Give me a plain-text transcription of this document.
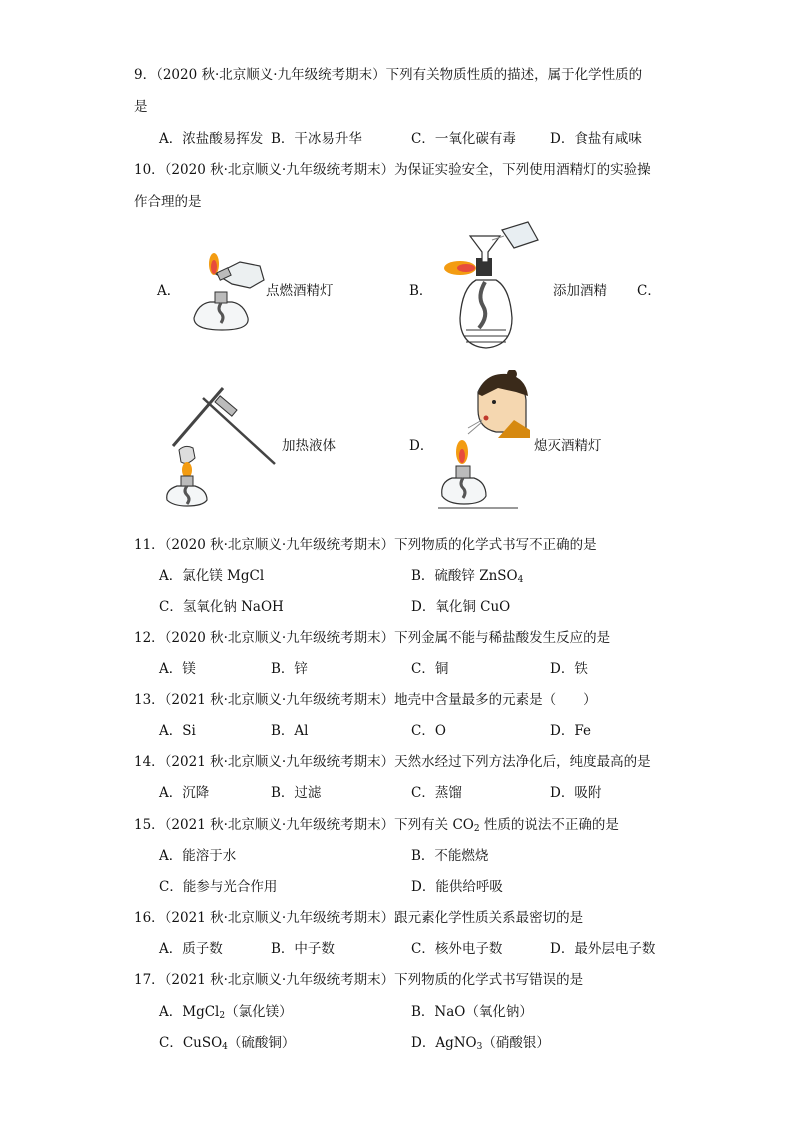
9．（2020 秋·北京顺义·九年级统考期末）下列有关物质性质的描述，属于化学性质的
是
A．浓盐酸易挥发 B．干冰易升华	C．一氧化碳有毒	D．食盐有咸味
10．（2020 秋·北京顺义·九年级统考期末）为保证实验安全，下列使用酒精灯的实验操
作合理的是
A．	点燃酒精灯	B．	添加酒精 C．
加热液体	D．	熄灭酒精灯
11．（2020 秋·北京顺义·九年级统考期末）下列物质的化学式书写不正确的是
A．氯化镁 MgCl	B．硫酸锌 ZnSO$_4$
C．氢氧化钠 NaOH	D．氧化铜 CuO
12．（2020 秋·北京顺义·九年级统考期末）下列金属不能与稀盐酸发生反应的是
A．镁	B．锌	C．铜	D．铁
13．（2021 秋·北京顺义·九年级统考期末）地壳中含量最多的元素是（　　）
A．Si	B．Al	C．O	D．Fe
14．（2021 秋·北京顺义·九年级统考期末）天然水经过下列方法净化后，纯度最高的是
A．沉降	B．过滤	C．蒸馏	D．吸附
15．（2021 秋·北京顺义·九年级统考期末）下列有关 $CO_2$ 性质的说法不正确的是
A．能溶于水	B．不能燃烧
C．能参与光合作用	D．能供给呼吸
16．（2021 秋·北京顺义·九年级统考期末）跟元素化学性质关系最密切的是
A．质子数	B．中子数	C．核外电子数	D．最外层电子数
17．（2021 秋·北京顺义·九年级统考期末）下列物质的化学式书写错误的是
A．MgCl$_2$（氯化镁）	B．NaO（氧化钠）
C．CuSO$_4$（硫酸铜）	D．AgNO$_3$（硝酸银）
